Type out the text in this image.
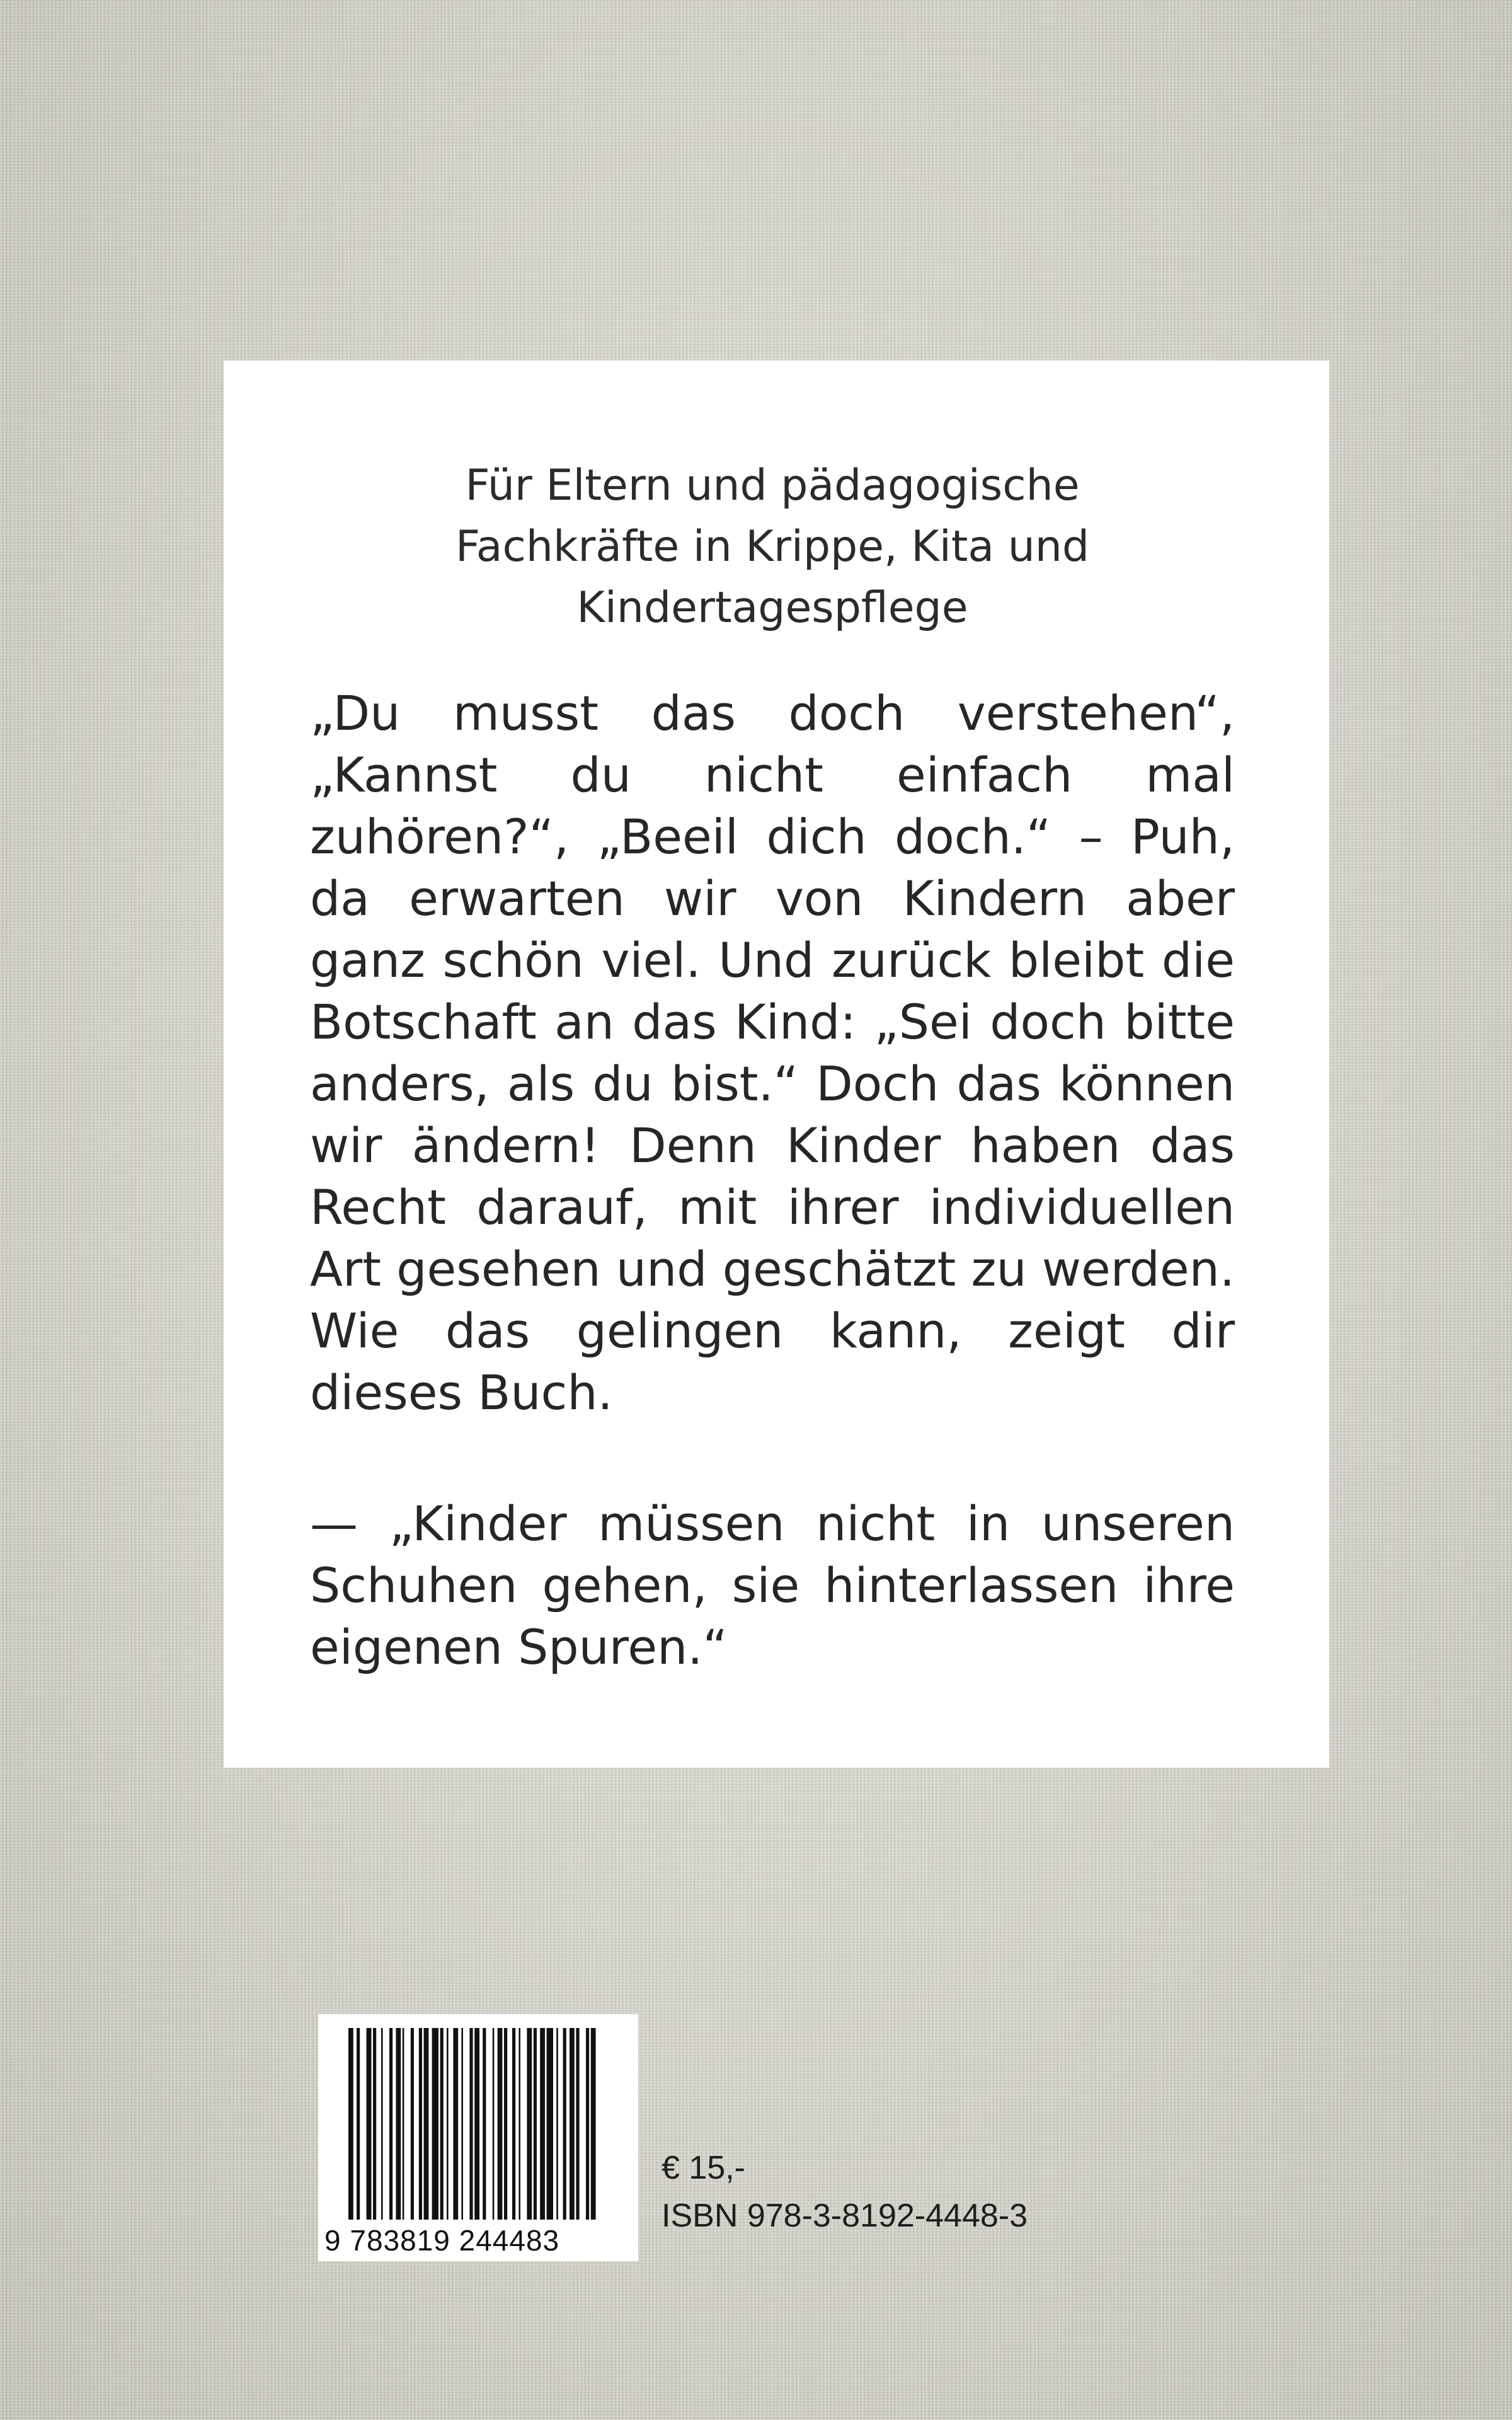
Für Eltern und pädagogische
Fachkräfte in Krippe, Kita und
Kindertagespflege

„Du musst das doch verstehen“, „Kannst du nicht einfach mal zuhören?“, „Beeil dich doch.“ – Puh, da erwarten wir von Kindern aber ganz schön viel. Und zurück bleibt die Botschaft an das Kind: „Sei doch bitte anders, als du bist.“ Doch das können wir ändern! Denn Kinder haben das Recht darauf, mit ihrer individuellen Art gesehen und geschätzt zu werden. Wie das gelingen kann, zeigt dir dieses Buch.

— „Kinder müssen nicht in unseren Schuhen gehen, sie hinterlassen ihre eigenen Spuren.“

9 783819 244483
€ 15,-
ISBN 978-3-8192-4448-3
